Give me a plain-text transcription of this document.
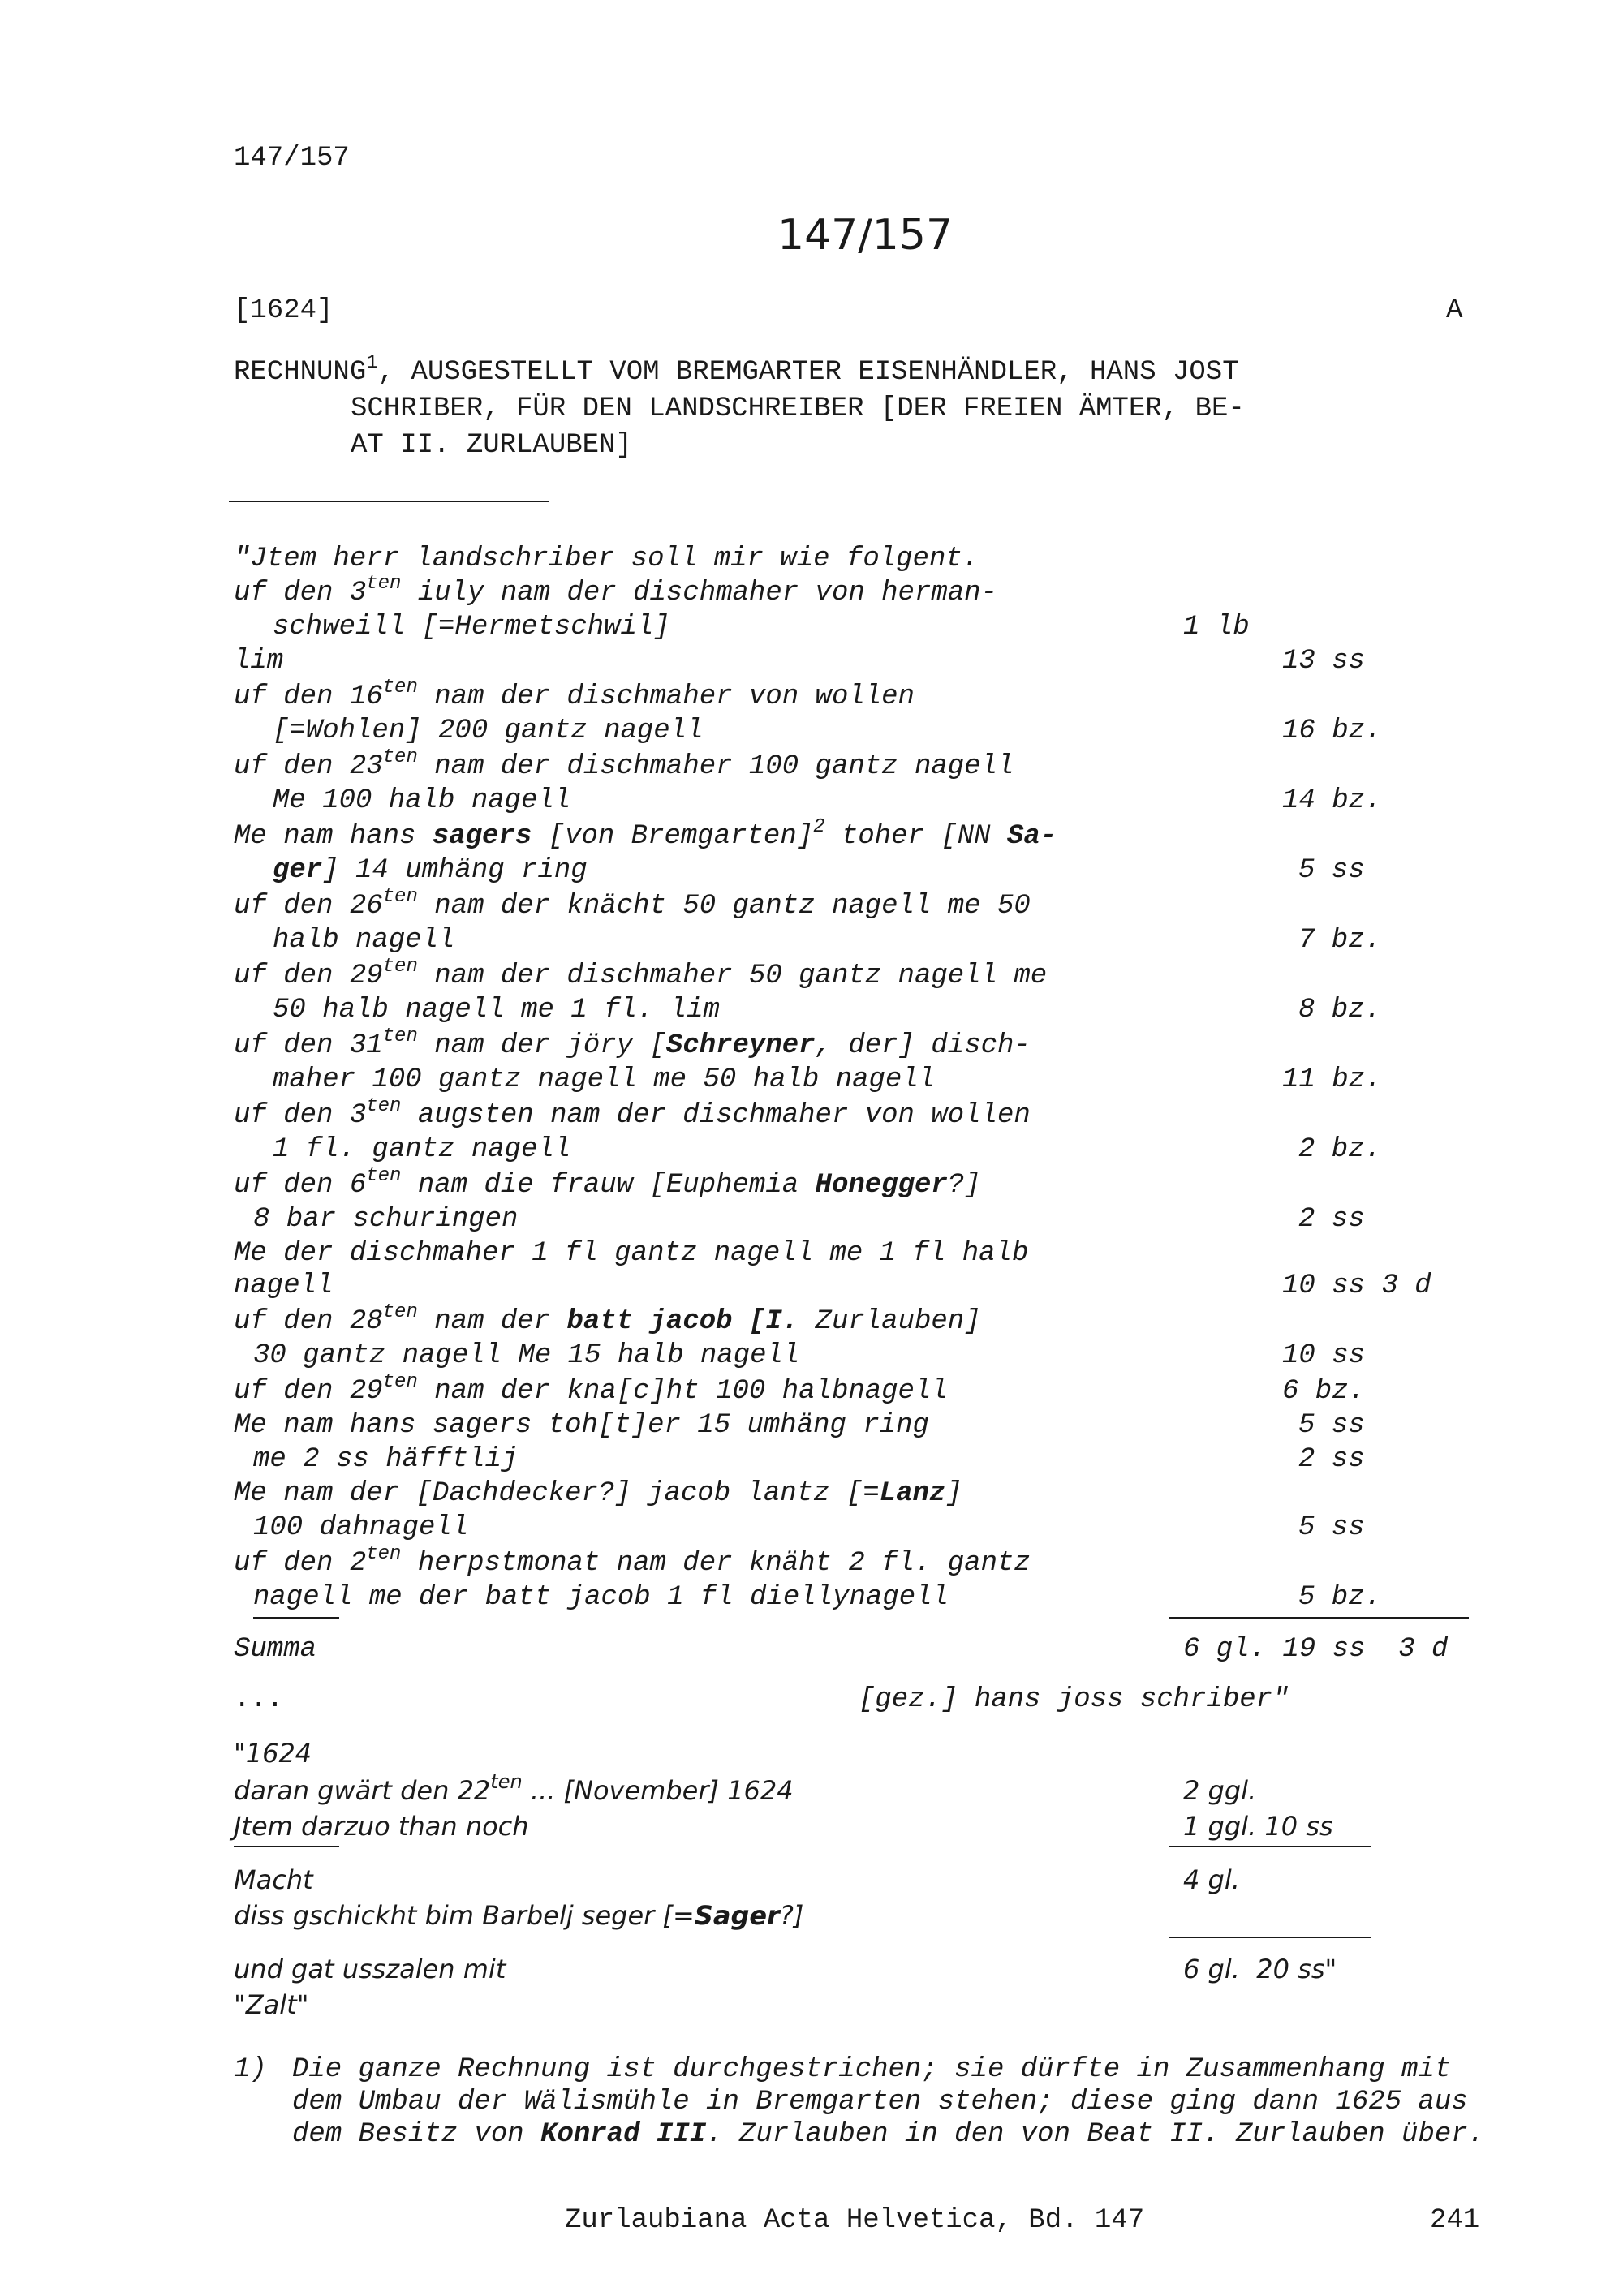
147/157
147/157
[1624]	A
RECHNUNG$^1$, AUSGESTELLT VOM BREMGARTER EISENHÄNDLER, HANS JOST
SCHRIBER, FÜR DEN LANDSCHREIBER [DER FREIEN ÄMTER, BE-
AT II. ZURLAUBEN]
"Jtem herr landschriber soll mir wie folgent.
uf den $3^{ten}$ iuly nam der dischmaher von herman-
schweill [=Hermetschwil]	1 lb
lim	13 ss
uf den $16^{ten}$ nam der dischmaher von wollen
[=Wohlen] 200 gantz nagell	16 bz.
uf den $23^{ten}$ nam der dischmaher 100 gantz nagell
Me 100 halb nagell	14 bz.
Me nam hans sagers [von Bremgarten]$^2$ toher [NN Sa-
ger] 14 umhäng ring	5 ss
uf den $26^{ten}$ nam der knächt 50 gantz nagell me 50
halb nagell	7 bz.
uf den $29^{ten}$ nam der dischmaher 50 gantz nagell me
50 halb nagell me 1 fl. lim	8 bz.
uf den $31^{ten}$ nam der jöry [Schreyner, der] disch-
maher 100 gantz nagell me 50 halb nagell	11 bz.
uf den $3^{ten}$ augsten nam der dischmaher von wollen
1 fl. gantz nagell	2 bz.
uf den $6^{ten}$ nam die frauw [Euphemia Honegger?]
8 bar schuringen	2 ss
Me der dischmaher 1 fl gantz nagell me 1 fl halb
nagell	10 ss 3 d
uf den $28^{ten}$ nam der batt jacob [I. Zurlauben]
30 gantz nagell Me 15 halb nagell	10 ss
uf den $29^{ten}$ nam der kna[c]ht 100 halbnagell	6 bz.
Me nam hans sagers toh[t]er 15 umhäng ring	5 ss
me 2 ss häfftlij	2 ss
Me nam der [Dachdecker?] jacob lantz [=Lanz]
100 dahnagell	5 ss
uf den $2^{ten}$ herpstmonat nam der knäht 2 fl. gantz
nagell me der batt jacob 1 fl diellynagell	5 bz.
Summa	6 gl. 19 ss  3 d
...	[gez.] hans joss schriber"
"1624
daran gwärt den $22^{ten}$ ... [November] 1624	2 ggl.
Jtem darzuo than noch	1 ggl. 10 ss
Macht	4 gl.
diss gschickht bim Barbelj seger [=Sager?]
und gat usszalen mit	6 gl.  20 ss"
"Zalt"
1) Die ganze Rechnung ist durchgestrichen; sie dürfte in Zusammenhang mit
dem Umbau der Wälismühle in Bremgarten stehen; diese ging dann 1625 aus
dem Besitz von Konrad III. Zurlauben in den von Beat II. Zurlauben über.
Zurlaubiana Acta Helvetica, Bd. 147	241
